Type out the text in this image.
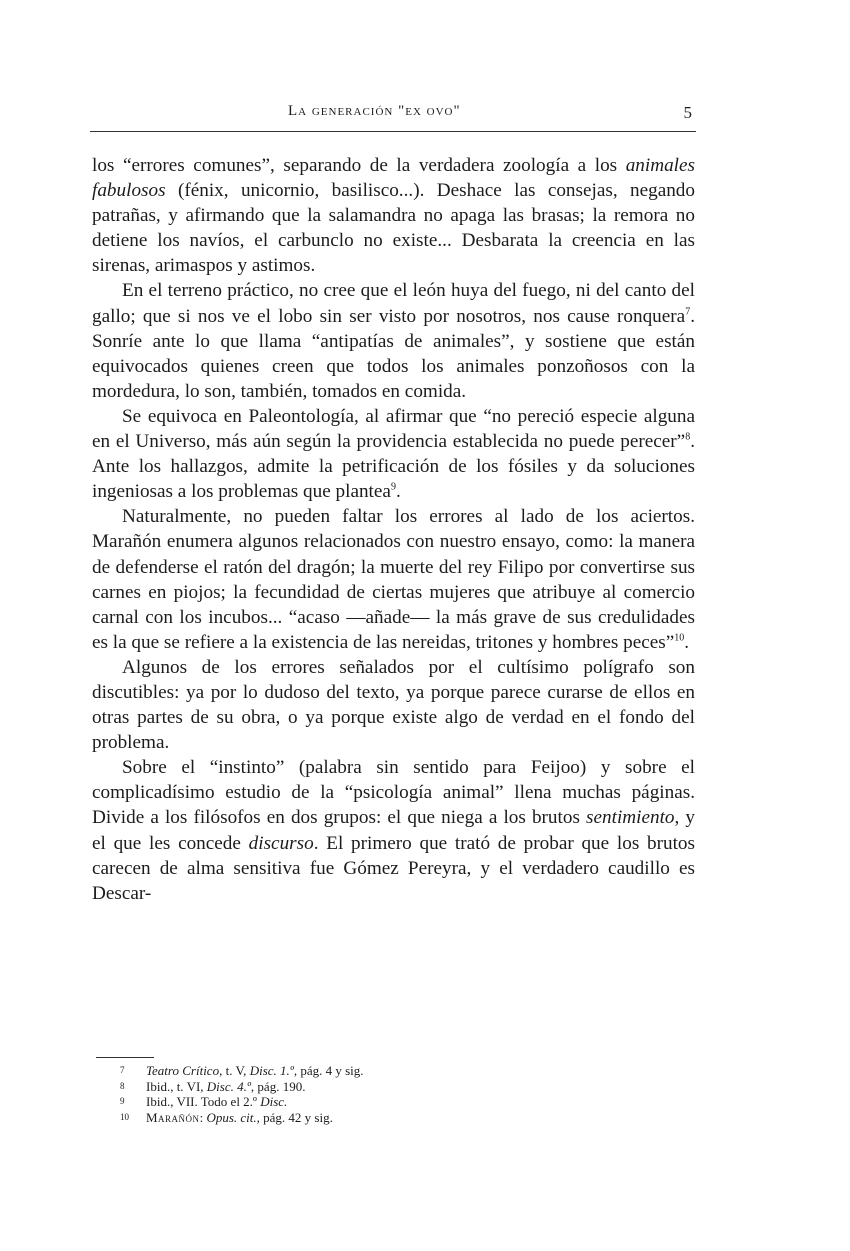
La generación "ex ovo"	5

los “errores comunes”, separando de la verdadera zoología a los animales fabulosos (fénix, unicornio, basilisco...). Deshace las consejas, negando patrañas, y afirmando que la salamandra no apaga las brasas; la remora no detiene los navíos, el carbunclo no existe... Desbarata la creencia en las sirenas, arimaspos y astimos.

En el terreno práctico, no cree que el león huya del fuego, ni del canto del gallo; que si nos ve el lobo sin ser visto por nosotros, nos cause ronquera$^7$. Sonríe ante lo que llama “antipatías de animales”, y sostiene que están equivocados quienes creen que todos los animales ponzoñosos con la mordedura, lo son, también, tomados en comida.

Se equivoca en Paleontología, al afirmar que “no pereció especie alguna en el Universo, más aún según la providencia establecida no puede perecer”$^8$. Ante los hallazgos, admite la petrificación de los fósiles y da soluciones ingeniosas a los problemas que plantea$^9$.

Naturalmente, no pueden faltar los errores al lado de los aciertos. Marañón enumera algunos relacionados con nuestro ensayo, como: la manera de defenderse el ratón del dragón; la muerte del rey Filipo por convertirse sus carnes en piojos; la fecundidad de ciertas mujeres que atribuye al comercio carnal con los incubos... “acaso —añade— la más grave de sus credulidades es la que se refiere a la existencia de las nereidas, tritones y hombres peces”$^{10}$.

Algunos de los errores señalados por el cultísimo polígrafo son discutibles: ya por lo dudoso del texto, ya porque parece curarse de ellos en otras partes de su obra, o ya porque existe algo de verdad en el fondo del problema.

Sobre el “instinto” (palabra sin sentido para Feijoo) y sobre el complicadísimo estudio de la “psicología animal” llena muchas páginas. Divide a los filósofos en dos grupos: el que niega a los brutos sentimiento, y el que les concede discurso. El primero que trató de probar que los brutos carecen de alma sensitiva fue Gómez Pereyra, y el verdadero caudillo es Descar-

7 Teatro Crítico, t. V, Disc. 1.º, pág. 4 y sig.

8 Ibid., t. VI, Disc. 4.º, pág. 190.

9 Ibid., VII. Todo el 2.º Disc.

10 Marañón: Opus. cit., pág. 42 y sig.
